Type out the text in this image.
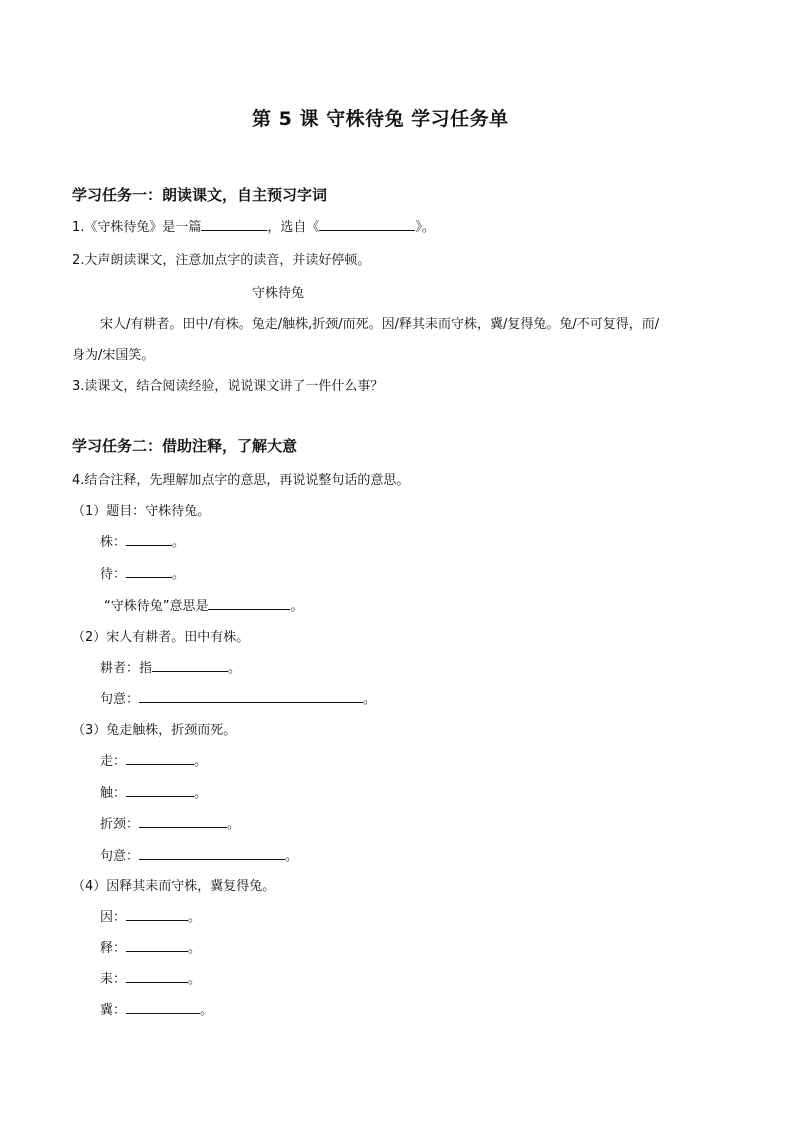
第 5 课 守株待兔 学习任务单
学习任务一：朗读课文，自主预习字词
1.《守株待兔》是一篇	，选自《	》。
2.大声朗读课文，注意加点字的读音，并读好停顿。
守株待兔
宋人/有耕者。田中/有株。兔走/触株,折颈/而死。因/释其耒而守株，冀/复得兔。兔/不可复得，而/
身为/宋国笑。
3.读课文，结合阅读经验，说说课文讲了一件什么事？
学习任务二：借助注释，了解大意
4.结合注释，先理解加点字的意思，再说说整句话的意思。
（1）题目：守株待兔。
株：	。
待：	。
“守株待兔”意思是	。
（2）宋人有耕者。田中有株。
耕者：指	。
句意：	。
（3）兔走触株，折颈而死。
走：	。
触：	。
折颈：	。
句意：	。
（4）因释其耒而守株，冀复得兔。
因：	。
释：	。
耒：	。
冀：	。
